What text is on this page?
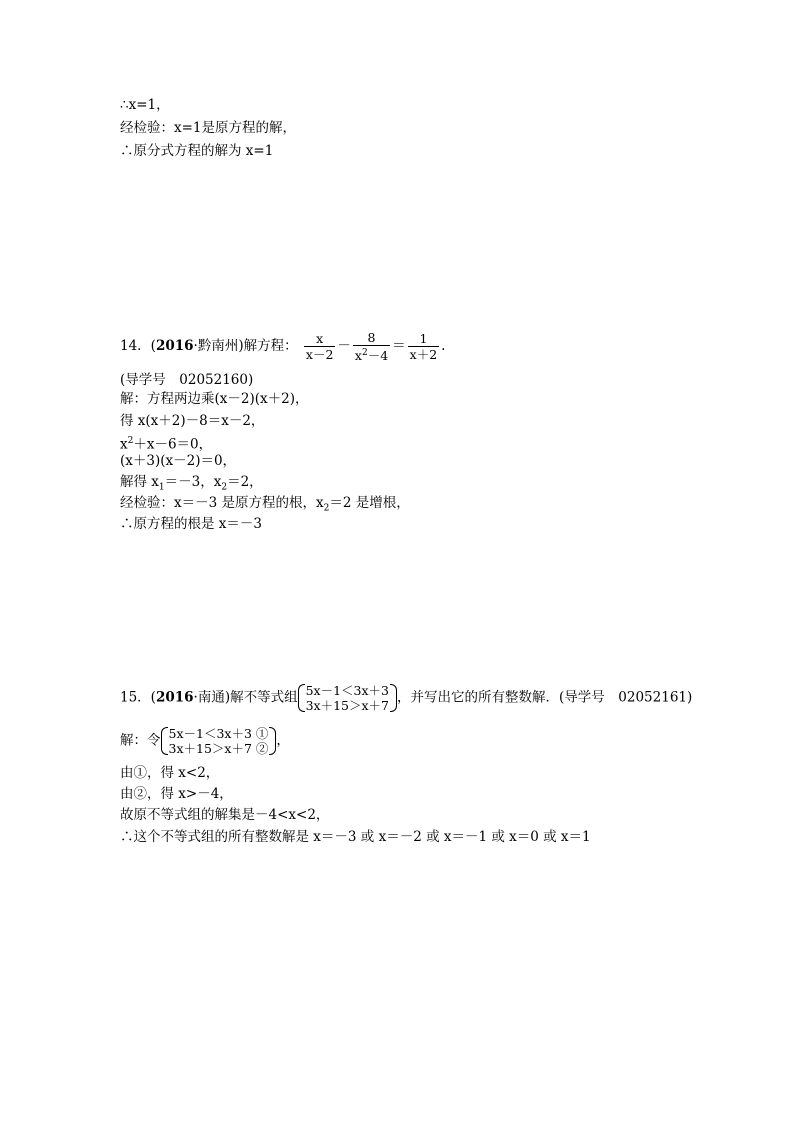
∴x=1，
经检验：x=1是原方程的解，
∴原分式方程的解为 x=1
14．(2016·黔南州)解方程： $\frac{x}{x-2} - \frac{8}{x^2-4} = \frac{1}{x+2}$ .
(导学号　02052160)
解：方程两边乘(x－2)(x＋2)，
得 x(x＋2)－8＝x－2，
$x^2+x-6=0$，
(x＋3)(x－2)＝0，
解得 $x_1=-3$，$x_2=2$，
经检验：x＝－3 是原方程的根，$x_2=2$ 是增根，
∴原方程的根是 x＝－3
15．(2016·南通)解不等式组 5x－1＜3x＋3
3x＋15＞x＋7 ，并写出它的所有整数解．(导学号　02052161)
解：令 5x－1＜3x＋3 ①
3x＋15＞x＋7 ② ，
由①，得 x<2，
由②，得 x>－4，
故原不等式组的解集是－4<x<2，
∴这个不等式组的所有整数解是 x＝－3 或 x＝－2 或 x＝－1 或 x＝0 或 x＝1
